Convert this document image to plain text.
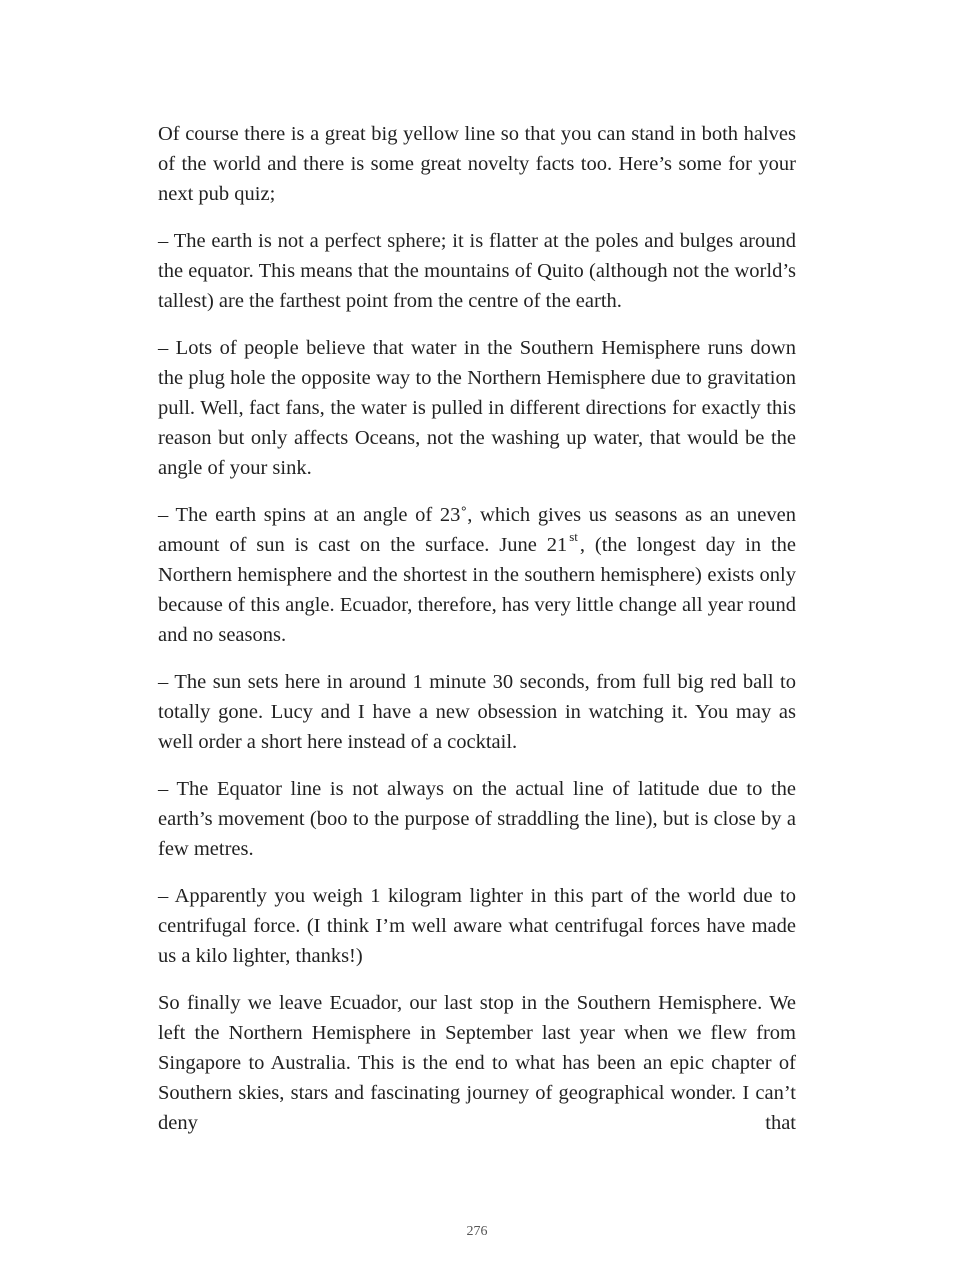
Of course there is a great big yellow line so that you can stand in both halves of the world and there is some great novelty facts too. Here’s some for your next pub quiz;

– The earth is not a perfect sphere; it is flatter at the poles and bulges around the equator. This means that the mountains of Quito (although not the world’s tallest) are the farthest point from the centre of the earth.

– Lots of people believe that water in the Southern Hemisphere runs down the plug hole the opposite way to the Northern Hemisphere due to gravitation pull. Well, fact fans, the water is pulled in different directions for exactly this reason but only affects Oceans, not the washing up water, that would be the angle of your sink.

– The earth spins at an angle of 23˚, which gives us seasons as an uneven amount of sun is cast on the surface. June 21 $^{st}$, (the longest day in the Northern hemisphere and the shortest in the southern hemisphere) exists only because of this angle. Ecuador, therefore, has very little change all year round and no seasons.

– The sun sets here in around 1 minute 30 seconds, from full big red ball to totally gone. Lucy and I have a new obsession in watching it. You may as well order a short here instead of a cocktail.

– The Equator line is not always on the actual line of latitude due to the earth’s movement (boo to the purpose of straddling the line), but is close by a few metres.

– Apparently you weigh 1 kilogram lighter in this part of the world due to centrifugal force. (I think I’m well aware what centrifugal forces have made us a kilo lighter, thanks!)

So finally we leave Ecuador, our last stop in the Southern Hemisphere. We left the Northern Hemisphere in September last year when we flew from Singapore to Australia. This is the end to what has been an epic chapter of Southern skies, stars and fascinating journey of geographical wonder. I can’t deny that

276
